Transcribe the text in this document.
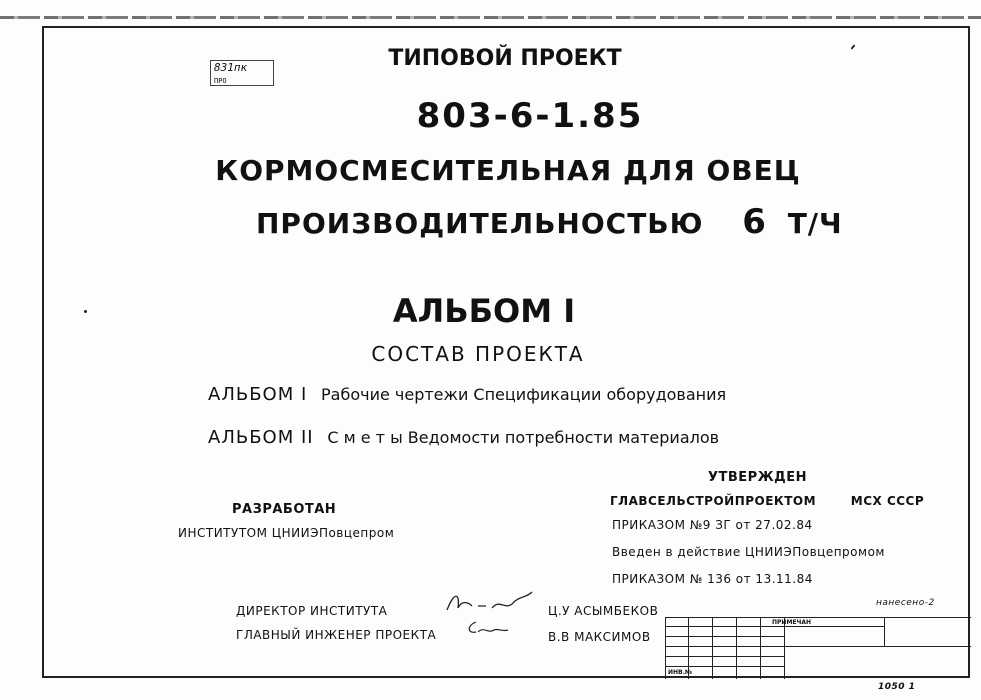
831пк
ПРО
ТИПОВОЙ ПРОЕКТ
803-6-1.85
КОРМОСМЕСИТЕЛЬНАЯ ДЛЯ ОВЕЦ
ПРОИЗВОДИТЕЛЬНОСТЬЮ 6 Т/Ч
АЛЬБОМ I
СОСТАВ ПРОЕКТА
АЛЬБОМ I Рабочие чертежи Спецификации оборудования
АЛЬБОМ II С м е т ы Ведомости потребности материалов
РАЗРАБОТАН
ИНСТИТУТОМ ЦНИИЭПовцепром
УТВЕРЖДЕН
ГЛАВСЕЛЬСТРОЙПРОЕКТОМ	МСХ СССР
ПРИКАЗОМ №9 ЗГ от 27.02.84
Введен в действие ЦНИИЭПовцепромом
ПРИКАЗОМ № 136 от 13.11.84
ДИРЕКТОР ИНСТИТУТА	Ц.У АСЫМБЕКОВ
ГЛАВНЫЙ ИНЖЕНЕР ПРОЕКТА	В.В МАКСИМОВ
ПРИМЕЧАН
ИНВ.№
нанесено-2
1050 1
